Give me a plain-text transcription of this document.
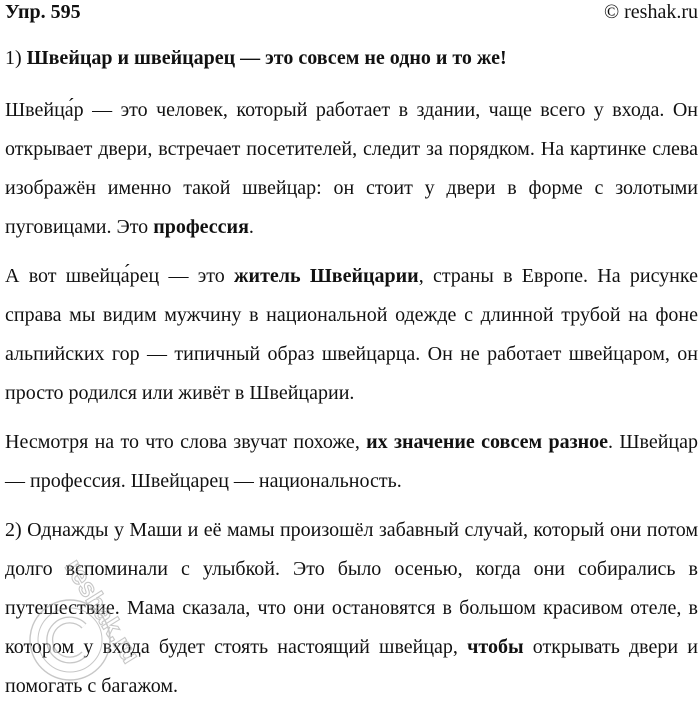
Упр. 595	© reshak.ru
1) Швейцар и швейцарец — это совсем не одно и то же!

Швейца́р — это человек, который работает в здании, чаще всего у входа. Он открывает двери, встречает посетителей, следит за порядком. На картинке слева изображён именно такой швейцар: он стоит у двери в форме с золотыми пуговицами. Это профессия.

А вот швейца́рец — это житель Швейцарии, страны в Европе. На рисунке справа мы видим мужчину в национальной одежде с длинной трубой на фоне альпийских гор — типичный образ швейцарца. Он не работает швейцаром, он просто родился или живёт в Швейцарии.

Несмотря на то что слова звучат похоже, их значение совсем разное. Швейцар — профессия. Швейцарец — национальность.

2) Однажды у Маши и её мамы произошёл забавный случай, который они потом долго вспоминали с улыбкой. Это было осенью, когда они собирались в путешествие. Мама сказала, что они остановятся в большом красивом отеле, в котором у входа будет стоять настоящий швейцар, чтобы открывать двери и помогать с багажом.

reshak.ru
